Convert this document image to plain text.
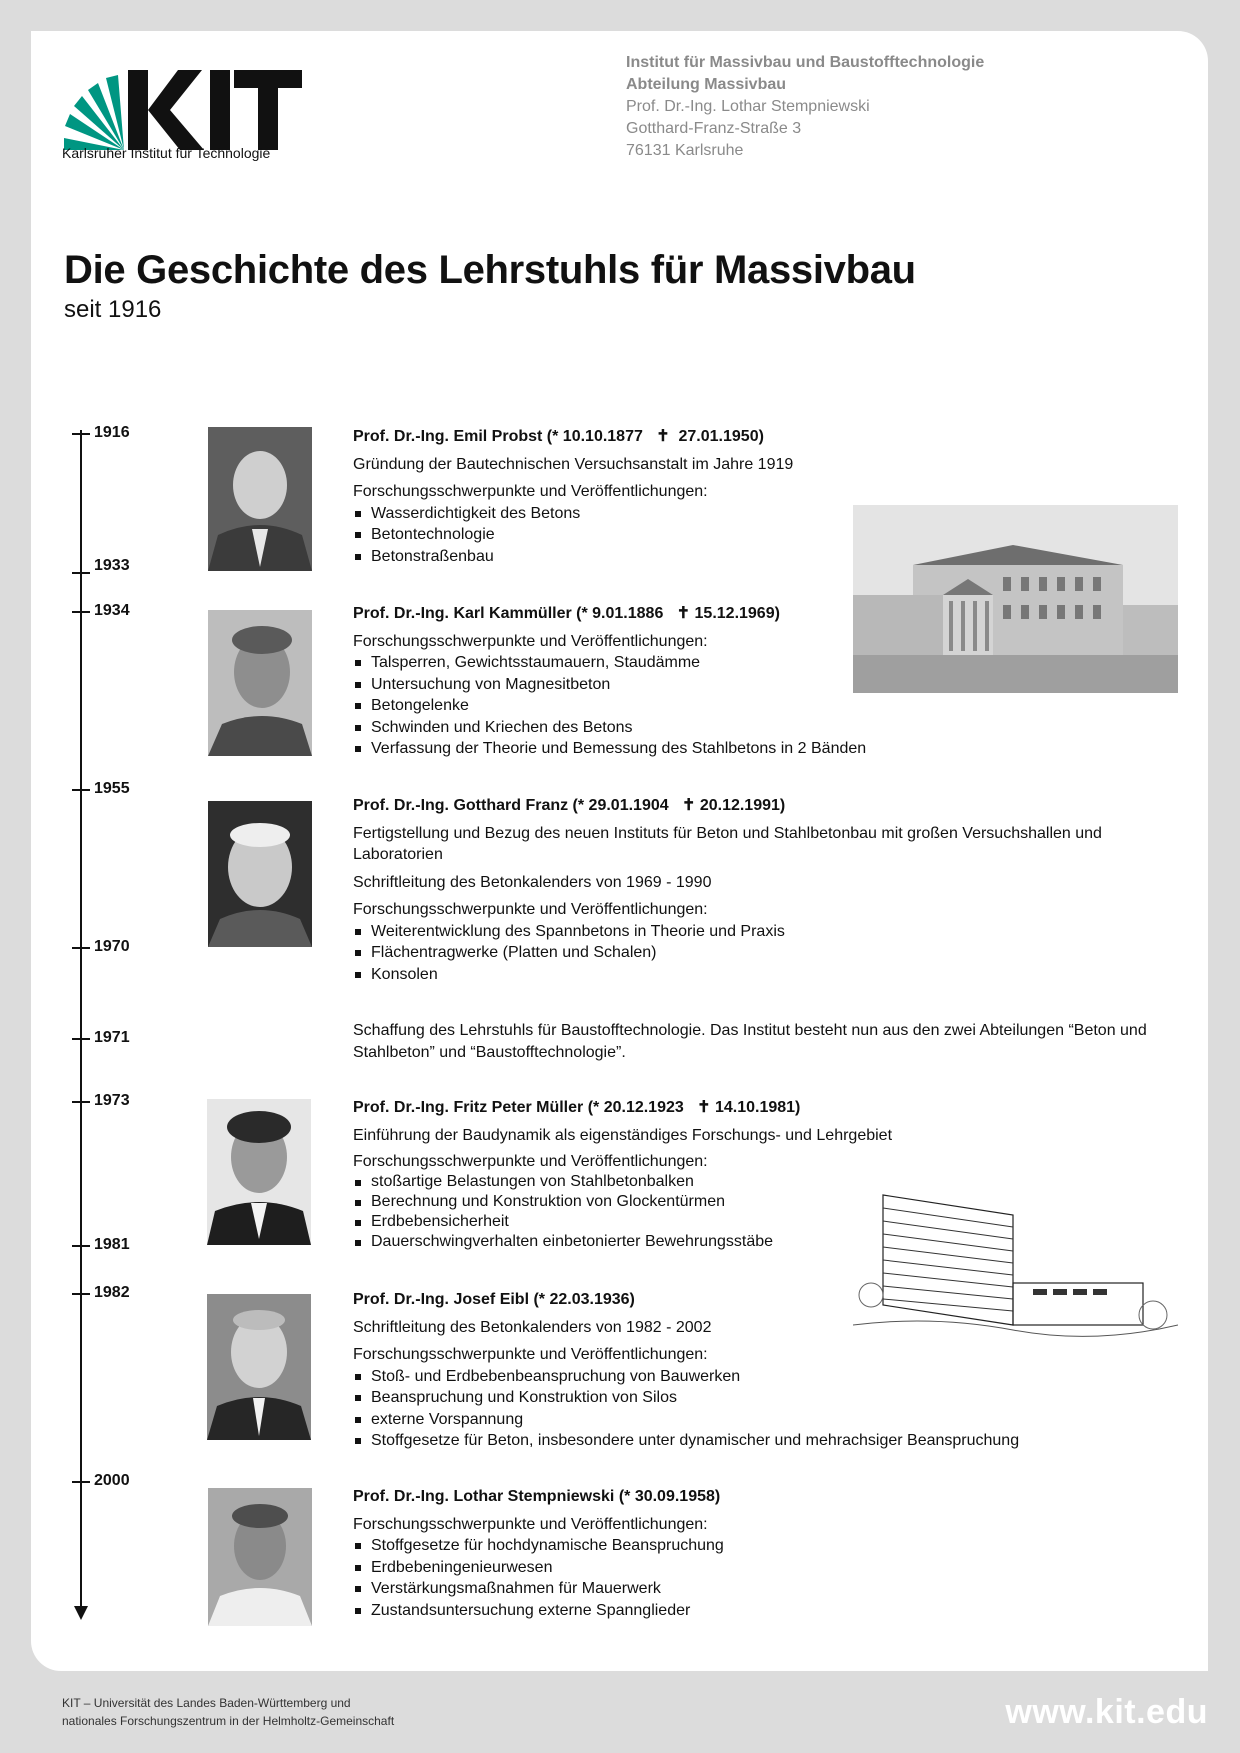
Karlsruher Institut für Technologie
Institut für Massivbau und Baustofftechnologie
Abteilung Massivbau
Prof. Dr.-Ing. Lothar Stempniewski
Gotthard-Franz-Straße 3
76131 Karlsruhe
Die Geschichte des Lehrstuhls für Massivbau
seit 1916
1916
1933
1934
1955
1970
1971
1973
1981
1982
2000
Prof. Dr.-Ing. Emil Probst (* 10.10.1877   ✝  27.01.1950)
Gründung der Bautechnischen Versuchsanstalt im Jahre 1919
Forschungsschwerpunkte und Veröffentlichungen:
Wasserdichtigkeit des Betons
Betontechnologie
Betonstraßenbau
Prof. Dr.-Ing. Karl Kammüller (* 9.01.1886   ✝ 15.12.1969)
Forschungsschwerpunkte und Veröffentlichungen:
Talsperren, Gewichtsstaumauern, Staudämme
Untersuchung von Magnesitbeton
Betongelenke
Schwinden und Kriechen des Betons
Verfassung der Theorie und Bemessung des Stahlbetons in 2 Bänden
Prof. Dr.-Ing. Gotthard Franz (* 29.01.1904   ✝ 20.12.1991)
Fertigstellung und Bezug des neuen Instituts für Beton und Stahlbetonbau mit großen Versuchshallen und Laboratorien
Schriftleitung des Betonkalenders von 1969 - 1990
Forschungsschwerpunkte und Veröffentlichungen:
Weiterentwicklung des Spannbetons in Theorie und Praxis
Flächentragwerke (Platten und Schalen)
Konsolen
Schaffung des Lehrstuhls für Baustofftechnologie. Das Institut besteht nun aus den zwei Abteilungen “Beton und Stahlbeton” und “Baustofftechnologie”.
Prof. Dr.-Ing. Fritz Peter Müller (* 20.12.1923   ✝ 14.10.1981)
Einführung der Baudynamik als eigenständiges Forschungs- und Lehrgebiet
Forschungsschwerpunkte und Veröffentlichungen:
stoßartige Belastungen von Stahlbetonbalken
Berechnung und Konstruktion von Glockentürmen
Erdbebensicherheit
Dauerschwingverhalten einbetonierter Bewehrungsstäbe
Prof. Dr.-Ing. Josef Eibl (* 22.03.1936)
Schriftleitung des Betonkalenders von 1982 - 2002
Forschungsschwerpunkte und Veröffentlichungen:
Stoß- und Erdbebenbeanspruchung von Bauwerken
Beanspruchung und Konstruktion von Silos
externe Vorspannung
Stoffgesetze für Beton, insbesondere unter dynamischer und mehrachsiger Beanspruchung
Prof. Dr.-Ing. Lothar Stempniewski (* 30.09.1958)
Forschungsschwerpunkte und Veröffentlichungen:
Stoffgesetze für hochdynamische Beanspruchung
Erdbebeningenieurwesen
Verstärkungsmaßnahmen für Mauerwerk
Zustandsuntersuchung externe Spannglieder
KIT – Universität des Landes Baden-Württemberg und
nationales Forschungszentrum in der Helmholtz-Gemeinschaft	www.kit.edu
